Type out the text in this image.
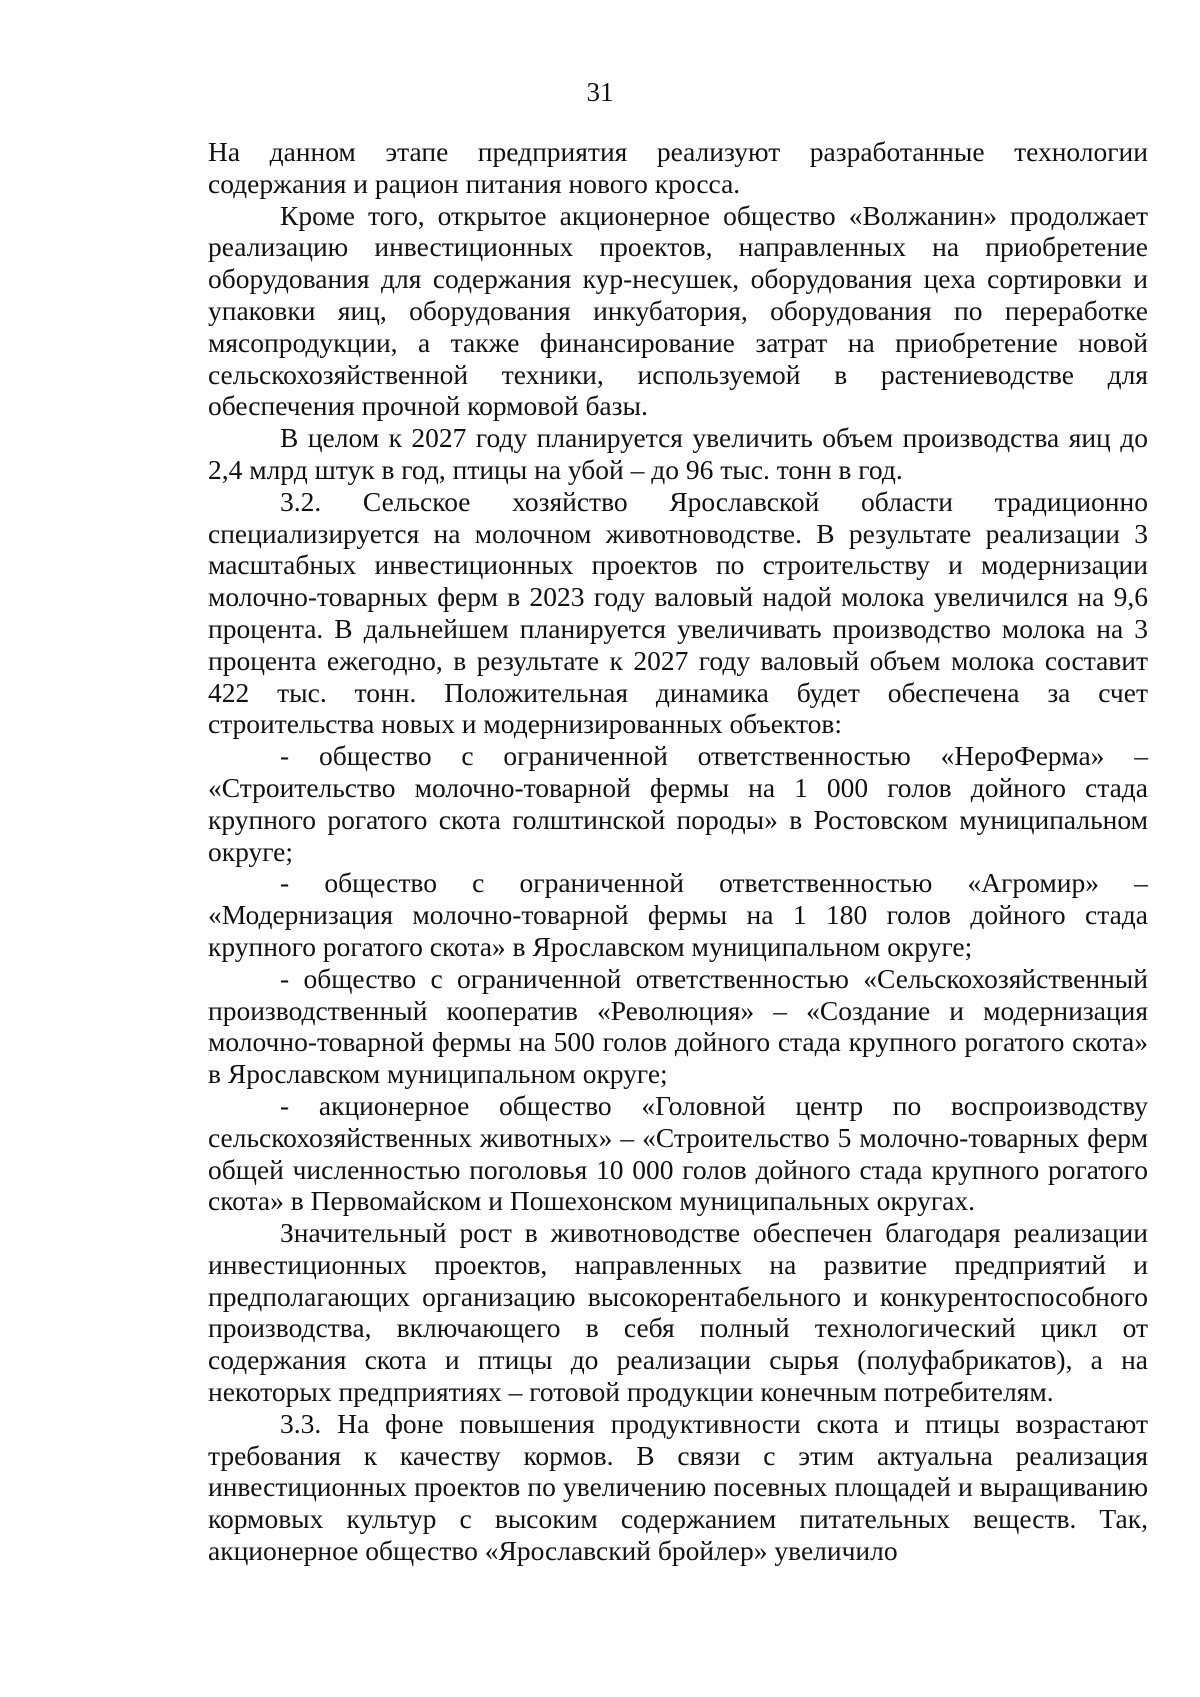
31

На данном этапе предприятия реализуют разработанные технологии содержания и рацион питания нового кросса.

Кроме того, открытое акционерное общество «Волжанин» продолжает реализацию инвестиционных проектов, направленных на приобретение оборудования для содержания кур-несушек, оборудования цеха сортировки и упаковки яиц, оборудования инкубатория, оборудования по переработке мясопродукции, а также финансирование затрат на приобретение новой сельскохозяйственной техники, используемой в растениеводстве для обеспечения прочной кормовой базы.

В целом к 2027 году планируется увеличить объем производства яиц до 2,4 млрд штук в год, птицы на убой – до 96 тыс. тонн в год.

3.2. Сельское хозяйство Ярославской области традиционно специализируется на молочном животноводстве. В результате реализации 3 масштабных инвестиционных проектов по строительству и модернизации молочно-товарных ферм в 2023 году валовый надой молока увеличился на 9,6 процента. В дальнейшем планируется увеличивать производство молока на 3 процента ежегодно, в результате к 2027 году валовый объем молока составит 422 тыс. тонн. Положительная динамика будет обеспечена за счет строительства новых и модернизированных объектов:

- общество с ограниченной ответственностью «НероФерма» – «Строительство молочно-товарной фермы на 1 000 голов дойного стада крупного рогатого скота голштинской породы» в Ростовском муниципальном округе;

- общество с ограниченной ответственностью «Агромир» – «Модернизация молочно-товарной фермы на 1 180 голов дойного стада крупного рогатого скота» в Ярославском муниципальном округе;

- общество с ограниченной ответственностью «Сельскохозяйственный производственный кооператив «Революция» – «Создание и модернизация молочно-товарной фермы на 500 голов дойного стада крупного рогатого скота» в Ярославском муниципальном округе;

- акционерное общество «Головной центр по воспроизводству сельскохозяйственных животных» – «Строительство 5 молочно-товарных ферм общей численностью поголовья 10 000 голов дойного стада крупного рогатого скота» в Первомайском и Пошехонском муниципальных округах.

Значительный рост в животноводстве обеспечен благодаря реализации инвестиционных проектов, направленных на развитие предприятий и предполагающих организацию высокорентабельного и конкурентоспособного производства, включающего в себя полный технологический цикл от содержания скота и птицы до реализации сырья (полуфабрикатов), а на некоторых предприятиях – готовой продукции конечным потребителям.

3.3. На фоне повышения продуктивности скота и птицы возрастают требования к качеству кормов. В связи с этим актуальна реализация инвестиционных проектов по увеличению посевных площадей и выращиванию кормовых культур с высоким содержанием питательных веществ. Так, акционерное общество «Ярославский бройлер» увеличило
